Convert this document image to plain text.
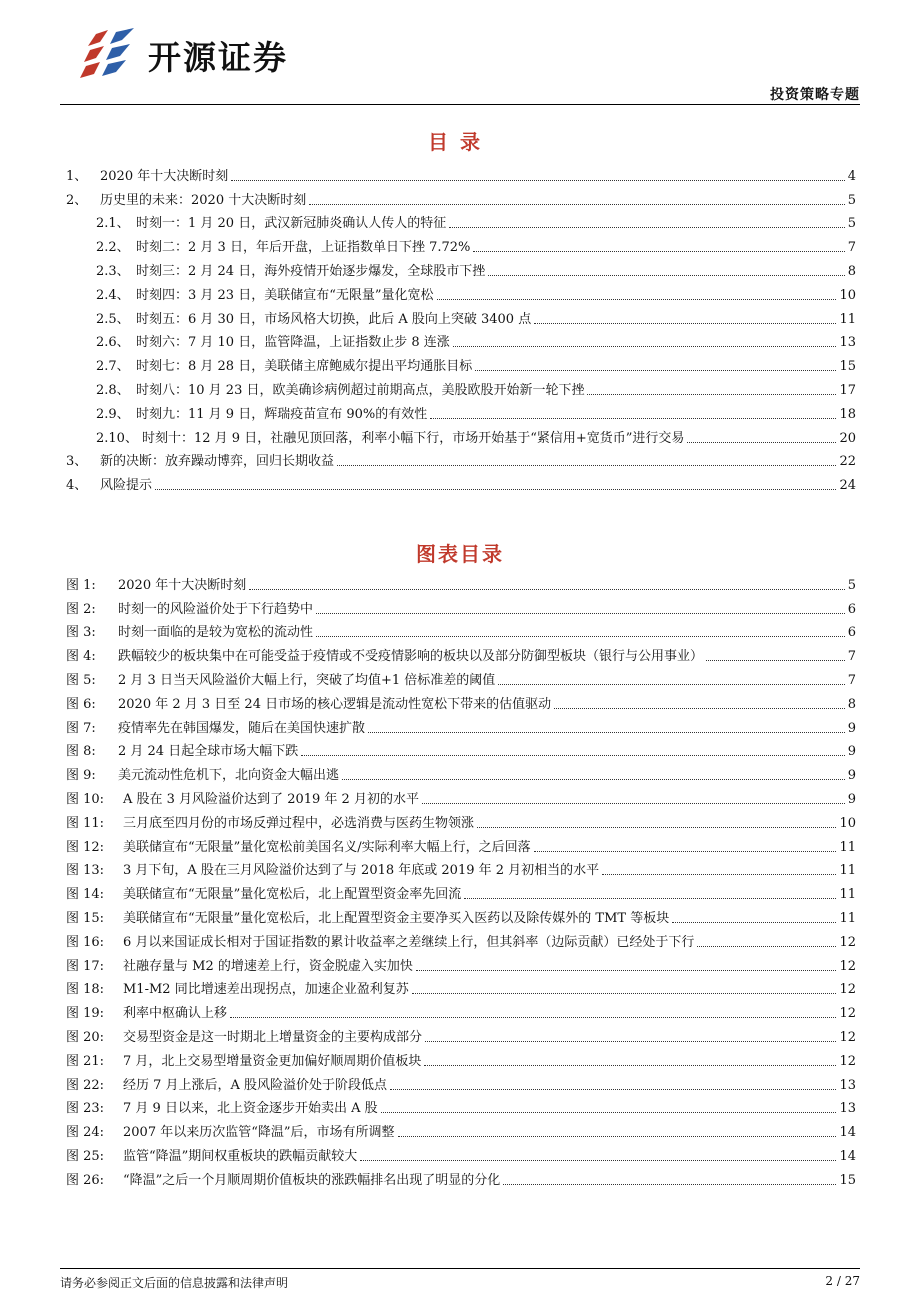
开源证券
投资策略专题
目录
1、 2020 年十大决断时刻	4
2、 历史里的未来：2020 十大决断时刻	5
2.1、 时刻一：1 月 20 日，武汉新冠肺炎确认人传人的特征	5
2.2、 时刻二：2 月 3 日，年后开盘，上证指数单日下挫 7.72%	7
2.3、 时刻三：2 月 24 日，海外疫情开始逐步爆发，全球股市下挫	8
2.4、 时刻四：3 月 23 日，美联储宣布“无限量”量化宽松	10
2.5、 时刻五：6 月 30 日，市场风格大切换，此后 A 股向上突破 3400 点	11
2.6、 时刻六：7 月 10 日，监管降温，上证指数止步 8 连涨	13
2.7、 时刻七：8 月 28 日，美联储主席鲍威尔提出平均通胀目标	15
2.8、 时刻八：10 月 23 日，欧美确诊病例超过前期高点，美股欧股开始新一轮下挫	17
2.9、 时刻九：11 月 9 日，辉瑞疫苗宣布 90%的有效性	18
2.10、 时刻十：12 月 9 日，社融见顶回落，利率小幅下行，市场开始基于“紧信用+宽货币”进行交易	20
3、 新的决断：放弃躁动博弈，回归长期收益	22
4、 风险提示	24
图表目录
图 1:	2020 年十大决断时刻	5
图 2:	时刻一的风险溢价处于下行趋势中	6
图 3:	时刻一面临的是较为宽松的流动性	6
图 4:	跌幅较少的板块集中在可能受益于疫情或不受疫情影响的板块以及部分防御型板块（银行与公用事业）	7
图 5:	2 月 3 日当天风险溢价大幅上行，突破了均值+1 倍标准差的阈值	7
图 6:	2020 年 2 月 3 日至 24 日市场的核心逻辑是流动性宽松下带来的估值驱动	8
图 7:	疫情率先在韩国爆发，随后在美国快速扩散	9
图 8:	2 月 24 日起全球市场大幅下跌	9
图 9:	美元流动性危机下，北向资金大幅出逃	9
图 10:	A 股在 3 月风险溢价达到了 2019 年 2 月初的水平	9
图 11:	三月底至四月份的市场反弹过程中，必选消费与医药生物领涨	10
图 12:	美联储宣布“无限量”量化宽松前美国名义/实际利率大幅上行，之后回落	11
图 13:	3 月下旬，A 股在三月风险溢价达到了与 2018 年底或 2019 年 2 月初相当的水平	11
图 14:	美联储宣布“无限量”量化宽松后，北上配置型资金率先回流	11
图 15:	美联储宣布“无限量”量化宽松后，北上配置型资金主要净买入医药以及除传媒外的 TMT 等板块	11
图 16:	6 月以来国证成长相对于国证指数的累计收益率之差继续上行，但其斜率（边际贡献）已经处于下行	12
图 17:	社融存量与 M2 的增速差上行，资金脱虚入实加快	12
图 18:	M1-M2 同比增速差出现拐点，加速企业盈利复苏	12
图 19:	利率中枢确认上移	12
图 20:	交易型资金是这一时期北上增量资金的主要构成部分	12
图 21:	7 月，北上交易型增量资金更加偏好顺周期价值板块	12
图 22:	经历 7 月上涨后，A 股风险溢价处于阶段低点	13
图 23:	7 月 9 日以来，北上资金逐步开始卖出 A 股	13
图 24:	2007 年以来历次监管“降温”后，市场有所调整	14
图 25:	监管“降温”期间权重板块的跌幅贡献较大	14
图 26:	“降温”之后一个月顺周期价值板块的涨跌幅排名出现了明显的分化	15
请务必参阅正文后面的信息披露和法律声明	2 / 27
